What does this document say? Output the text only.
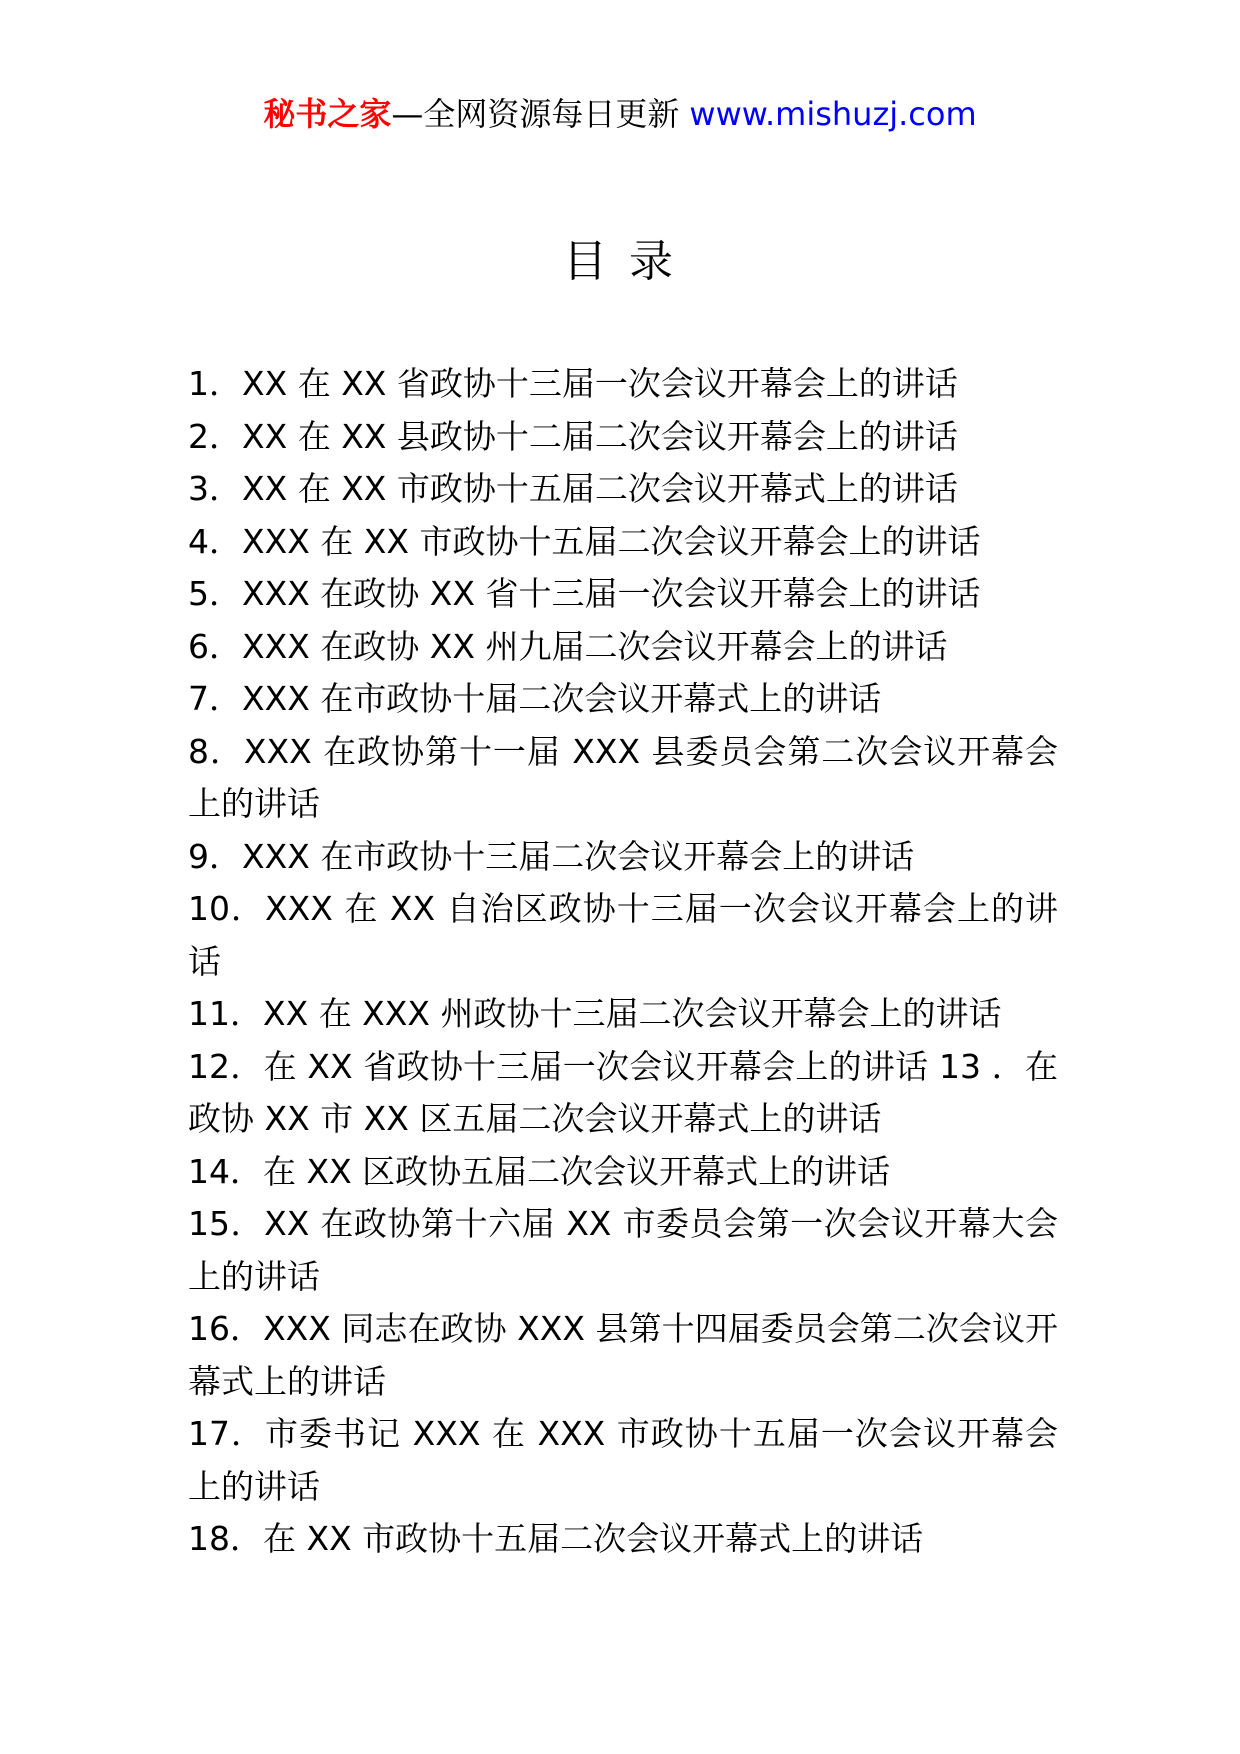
秘书之家—全网资源每日更新 www.mishuzj.com
目 录
1．XX 在 XX 省政协十三届一次会议开幕会上的讲话
2．XX 在 XX 县政协十二届二次会议开幕会上的讲话
3．XX 在 XX 市政协十五届二次会议开幕式上的讲话
4．XXX 在 XX 市政协十五届二次会议开幕会上的讲话
5．XXX 在政协 XX 省十三届一次会议开幕会上的讲话
6．XXX 在政协 XX 州九届二次会议开幕会上的讲话
7．XXX 在市政协十届二次会议开幕式上的讲话
8．XXX 在政协第十一届 XXX 县委员会第二次会议开幕会上的讲话
9．XXX 在市政协十三届二次会议开幕会上的讲话
10．XXX 在 XX 自治区政协十三届一次会议开幕会上的讲话
11．XX 在 XXX 州政协十三届二次会议开幕会上的讲话
12．在 XX 省政协十三届一次会议开幕会上的讲话 13 ．在政协 XX 市 XX 区五届二次会议开幕式上的讲话
14．在 XX 区政协五届二次会议开幕式上的讲话
15．XX 在政协第十六届 XX 市委员会第一次会议开幕大会上的讲话
16．XXX 同志在政协 XXX 县第十四届委员会第二次会议开幕式上的讲话
17．市委书记 XXX 在 XXX 市政协十五届一次会议开幕会上的讲话
18．在 XX 市政协十五届二次会议开幕式上的讲话
